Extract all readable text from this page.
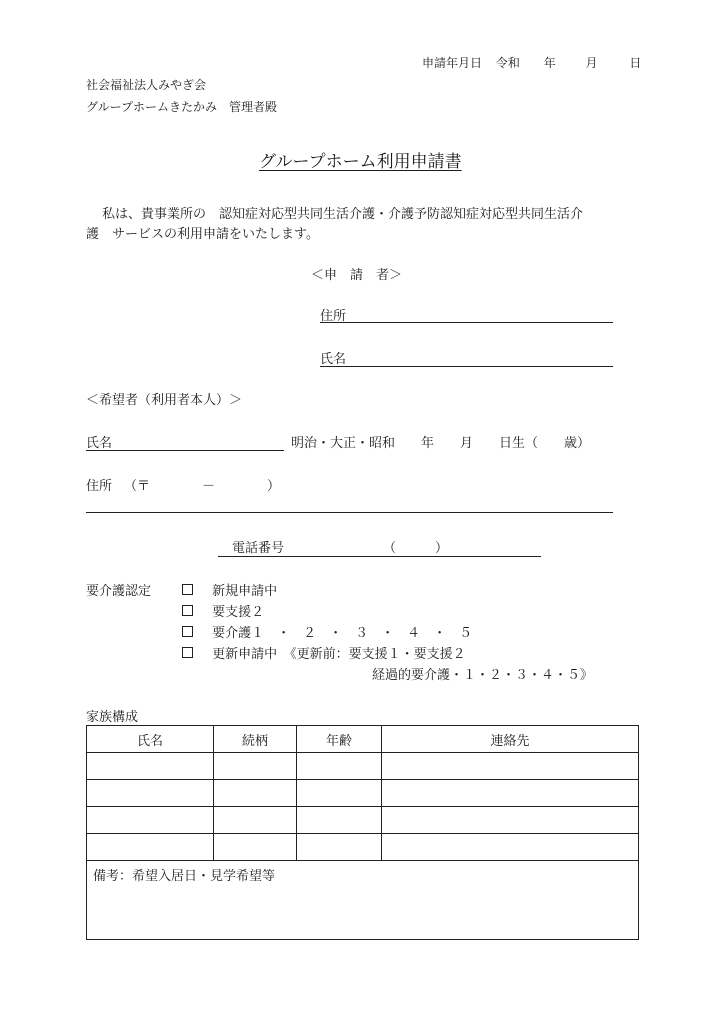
申請年月日 令和 年 月	日
社会福祉法人みやぎ会
グループホームきたかみ　管理者殿
グループホーム利用申請書
私は、貴事業所の　認知症対応型共同生活介護・介護予防認知症対応型共同生活介
護　サービスの利用申請をいたします。
＜申　請　者＞
住所
氏名
＜希望者（利用者本人）＞
氏名	明治・大正・昭和　　年　　月　　日生（　　歳）
住所 （〒　　　　－　　　　）
電話番号	（　　　）
要介護認定	新規申請中
要支援２
要介護１　・　２　・　３　・　４　・　５
更新申請中　《更新前：要支援１・要支援２
経過的要介護・１・２・３・４・５》
家族構成
氏名	続柄	年齢	連絡先

備考：希望入居日・見学希望等			
